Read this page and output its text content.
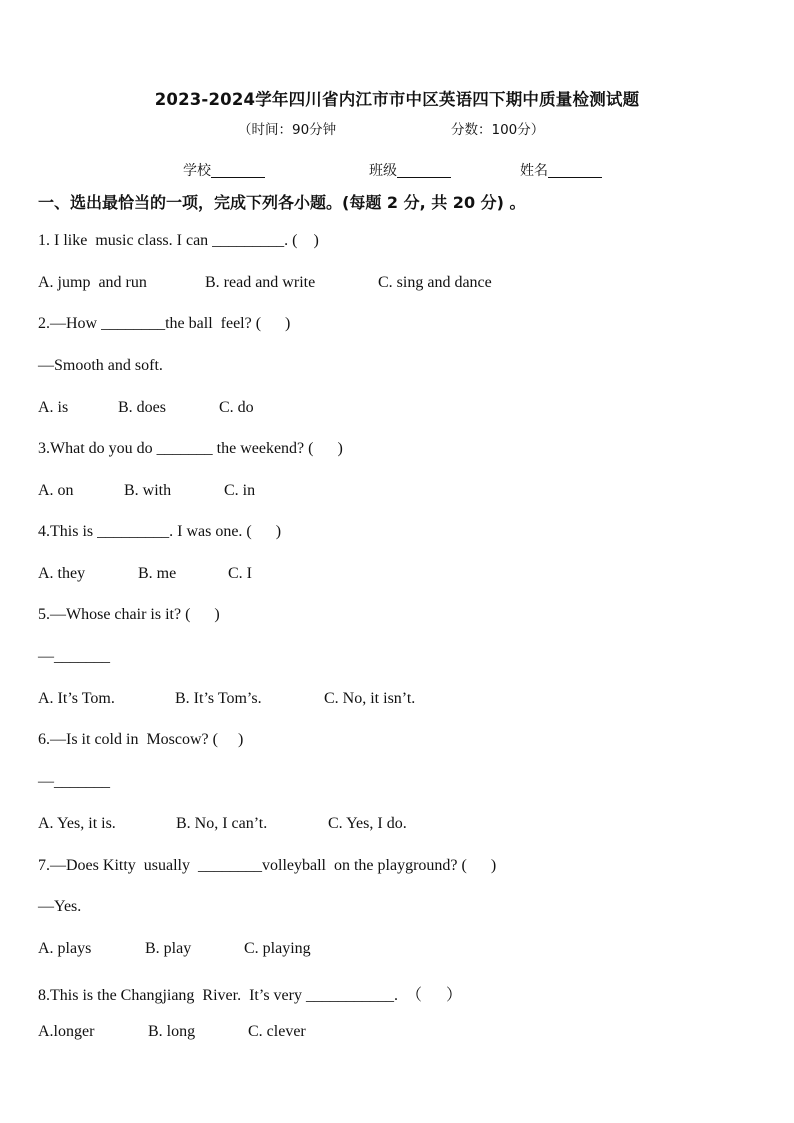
2023-2024学年四川省内江市市中区英语四下期中质量检测试题
（时间：90分钟	分数：100分）
学校	班级	姓名
一、选出最恰当的一项，完成下列各小题。(每题 2 分, 共 20 分) 。
1. I like  music class. I can _________. (    )
A. jump  and run	B. read and write	C. sing and dance
2.—How ________the ball  feel? (      )
—Smooth and soft.
A. is	B. does	C. do
3.What do you do _______ the weekend? (      )
A. on	B. with	C. in
4.This is _________. I was one. (      )
A. they	B. me	C. I
5.—Whose chair is it? (      )
—_______
A. It’s Tom.	B. It’s Tom’s.	C. No, it isn’t.
6.—Is it cold in  Moscow? (     )
—_______
A. Yes, it is.	B. No, I can’t.	C. Yes, I do.
7.—Does Kitty  usually  ________volleyball  on the playground? (      )
—Yes.
A. plays	B. play	C. playing
8.This is the Changjiang  River.  It’s very ___________.  （      ）
A.longer	B. long	C. clever
